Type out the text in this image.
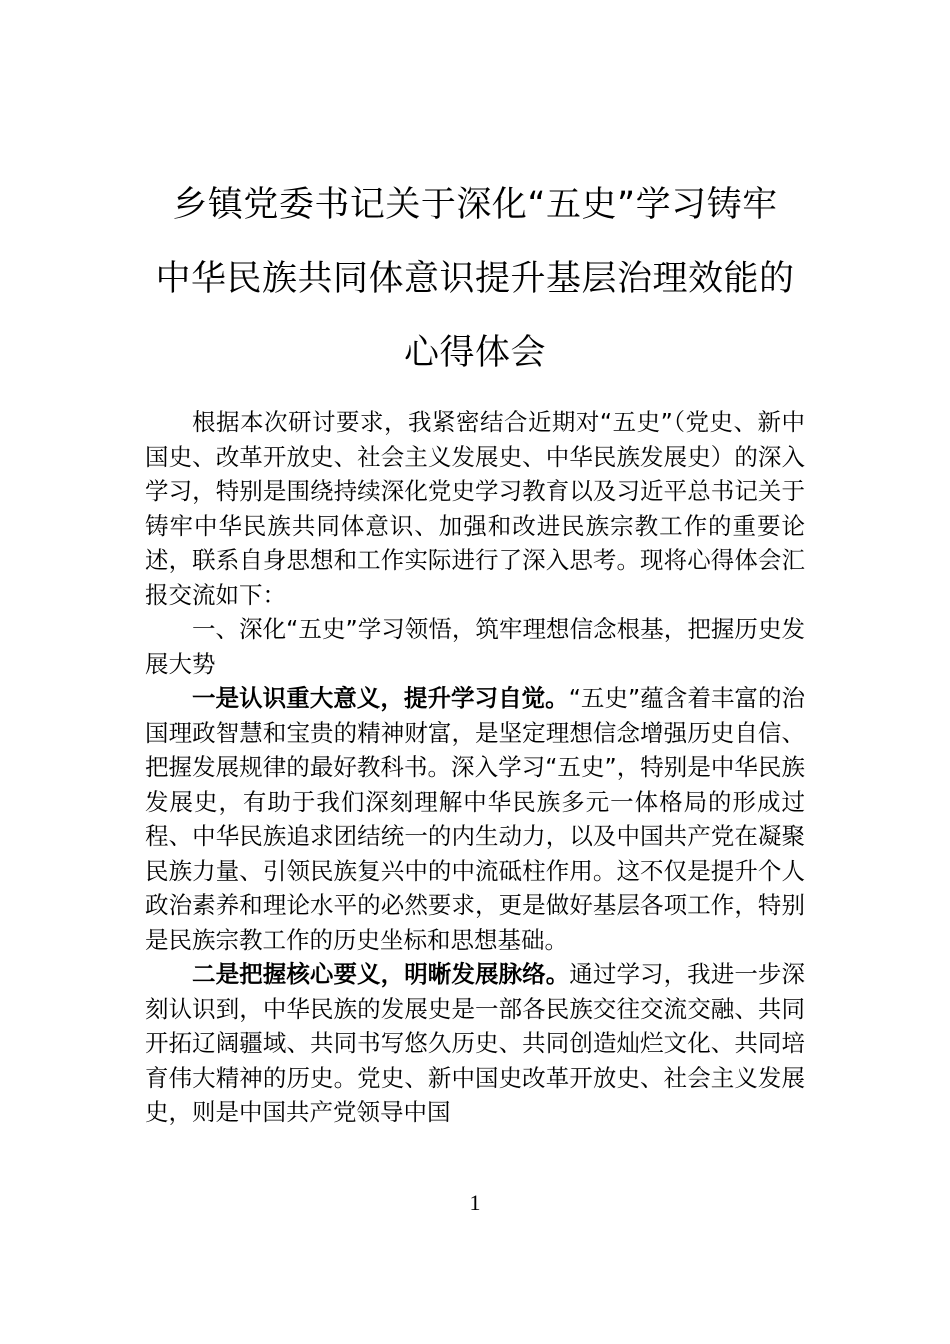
乡镇党委书记关于深化“五史”学习铸牢
中华民族共同体意识提升基层治理效能的
心得体会

根据本次研讨要求，我紧密结合近期对“五史”（党史、新中国史、改革开放史、社会主义发展史、中华民族发展史）的深入学习，特别是围绕持续深化党史学习教育以及习近平总书记关于铸牢中华民族共同体意识、加强和改进民族宗教工作的重要论述，联系自身思想和工作实际进行了深入思考。现将心得体会汇报交流如下：

一、深化“五史”学习领悟，筑牢理想信念根基，把握历史发展大势

一是认识重大意义，提升学习自觉。“五史”蕴含着丰富的治国理政智慧和宝贵的精神财富，是坚定理想信念增强历史自信、把握发展规律的最好教科书。深入学习“五史”，特别是中华民族发展史，有助于我们深刻理解中华民族多元一体格局的形成过程、中华民族追求团结统一的内生动力，以及中国共产党在凝聚民族力量、引领民族复兴中的中流砥柱作用。这不仅是提升个人政治素养和理论水平的必然要求，更是做好基层各项工作，特别是民族宗教工作的历史坐标和思想基础。

二是把握核心要义，明晰发展脉络。通过学习，我进一步深刻认识到，中华民族的发展史是一部各民族交往交流交融、共同开拓辽阔疆域、共同书写悠久历史、共同创造灿烂文化、共同培育伟大精神的历史。党史、新中国史改革开放史、社会主义发展史，则是中国共产党领导中国

1
